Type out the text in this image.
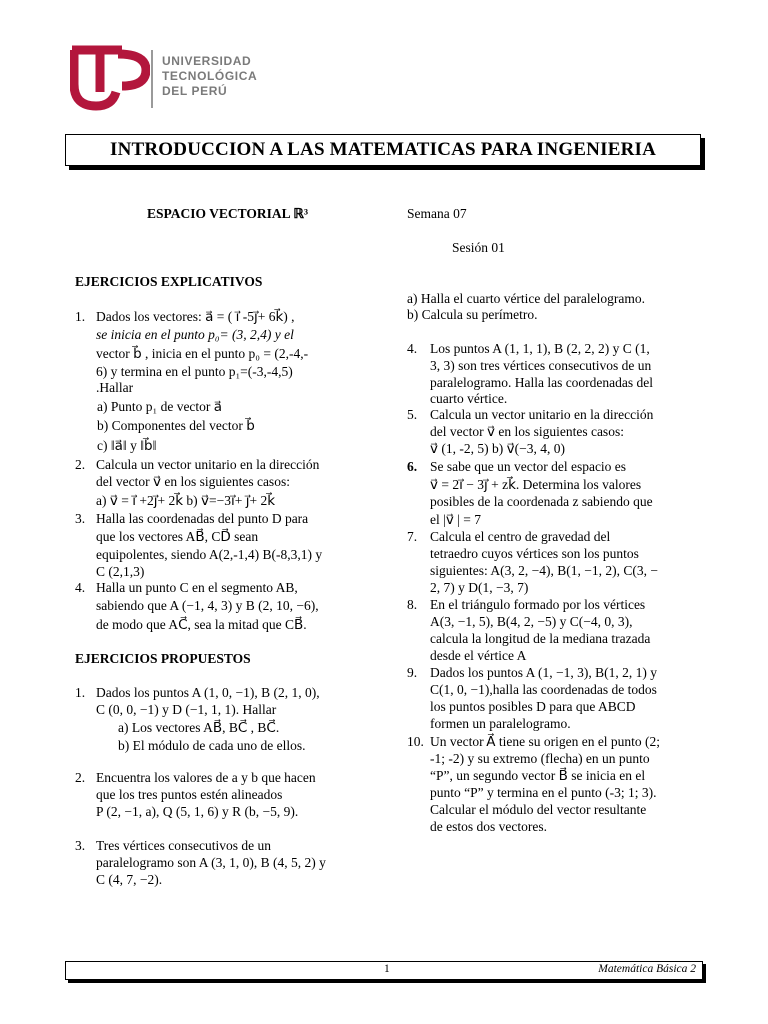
UNIVERSIDAD
TECNOLÓGICA
DEL PERÚ
INTRODUCCION A LAS MATEMATICAS PARA INGENIERIA
ESPACIO VECTORIAL ℝ³	Semana 07
Sesión 01
EJERCICIOS EXPLICATIVOS
1. Dados los vectores: a⃗ = ( i⃗ -5j⃗+ 6k⃗) ,
se inicia en el punto p₀= (3, 2,4) y el
vector b⃗ , inicia en el punto p₀ = (2,-4,-
6) y termina en el punto p₁=(-3,-4,5)
.Hallar
a) Punto p₁ de vector a⃗
b) Componentes del vector b⃗
c) ‖a⃗‖ y ‖b⃗‖
2. Calcula un vector unitario en la dirección
del vector v⃗ en los siguientes casos:
a) v⃗ = i⃗ +2j⃗+ 2k⃗ b) v⃗=−3i⃗+ j⃗+ 2k⃗
3. Halla las coordenadas del punto D para
que los vectores AB⃗, CD⃗ sean
equipolentes, siendo A(2,-1,4) B(-8,3,1) y
C (2,1,3)
4. Halla un punto C en el segmento AB,
sabiendo que A (−1, 4, 3) y B (2, 10, −6),
de modo que AC⃗, sea la mitad que CB⃗.
EJERCICIOS PROPUESTOS
1. Dados los puntos A (1, 0, −1), B (2, 1, 0),
C (0, 0, −1) y D (−1, 1, 1). Hallar
a) Los vectores AB⃗, BC⃗ , BC⃗.
b) El módulo de cada uno de ellos.
2. Encuentra los valores de a y b que hacen
que los tres puntos estén alineados
P (2, −1, a), Q (5, 1, 6) y R (b, −5, 9).
3. Tres vértices consecutivos de un
paralelogramo son A (3, 1, 0), B (4, 5, 2) y
C (4, 7, −2).
a) Halla el cuarto vértice del paralelogramo.
b) Calcula su perímetro.
4. Los puntos A (1, 1, 1), B (2, 2, 2) y C (1,
3, 3) son tres vértices consecutivos de un
paralelogramo. Halla las coordenadas del
cuarto vértice.
5. Calcula un vector unitario en la dirección
del vector v⃗ en los siguientes casos:
v⃗ (1, -2, 5) b) v⃗(−3, 4, 0)
6. Se sabe que un vector del espacio es
v⃗ = 2i⃗ − 3j⃗ + zk⃗. Determina los valores
posibles de la coordenada z sabiendo que
el |v⃗ | = 7
7. Calcula el centro de gravedad del
tetraedro cuyos vértices son los puntos
siguientes: A(3, 2, −4), B(1, −1, 2), C(3, −
2, 7) y D(1, −3, 7)
8. En el triángulo formado por los vértices
A(3, −1, 5), B(4, 2, −5) y C(−4, 0, 3),
calcula la longitud de la mediana trazada
desde el vértice A
9. Dados los puntos A (1, −1, 3), B(1, 2, 1) y
C(1, 0, −1),halla las coordenadas de todos
los puntos posibles D para que ABCD
formen un paralelogramo.
10. Un vector A⃗ tiene su origen en el punto (2;
-1; -2) y su extremo (flecha) en un punto
“P”, un segundo vector B⃗ se inicia en el
punto “P” y termina en el punto (-3; 1; 3).
Calcular el módulo del vector resultante
de estos dos vectores.
1	Matemática Básica 2
